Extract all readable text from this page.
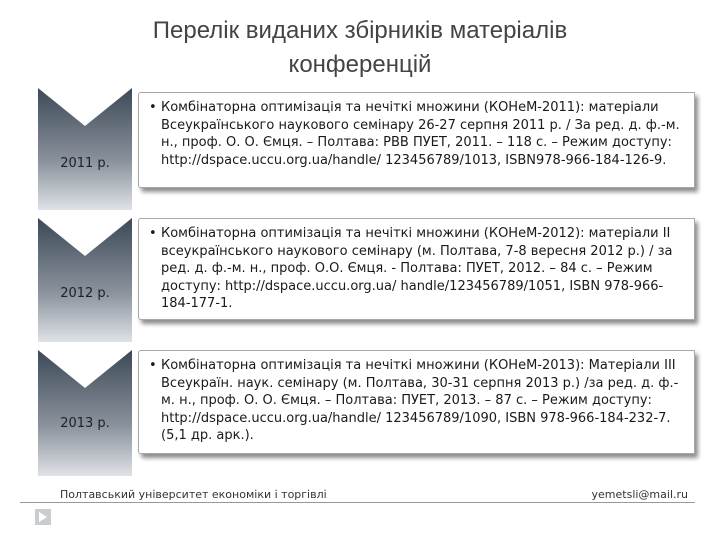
Перелік виданих збірників матеріалів
конференцій
2011 р.
• Комбінаторна оптимізація та нечіткі множини (КОНеМ-2011): матеріали Всеукраїнського наукового семінару 26-27 серпня 2011 р. / За ред. д. ф.-м. н., проф. О. О. Ємця. – Полтава: РВВ ПУЕТ, 2011. – 118 с. – Режим доступу: http://dspace.uccu.org.ua/handle/ 123456789/1013, ISBN978-966-184-126-9.
2012 р.
• Комбінаторна оптимізація та нечіткі множини (КОНеМ-2012): матеріали ІІ всеукраїнського наукового семінару (м. Полтава, 7-8 вересня 2012 р.) / за ред. д. ф.-м. н., проф. О.О. Ємця. - Полтава: ПУЕТ, 2012. – 84 с. – Режим доступу: http://dspace.uccu.org.ua/ handle/123456789/1051, ISBN 978-966-184-177-1.
2013 р.
• Комбінаторна оптимізація та нечіткі множини (КОНеМ-2013): Матеріали ІІІ Всеукраїн. наук. семінару (м. Полтава, 30-31 серпня 2013 р.) /за ред. д. ф.-м. н., проф. О. О. Ємця. – Полтава: ПУЕТ, 2013. – 87 с. – Режим доступу: http://dspace.uccu.org.ua/handle/ 123456789/1090, ISBN 978-966-184-232-7. (5,1 др. арк.).
Полтавський університет економіки і торгівлі	yemetsli@mail.ru
